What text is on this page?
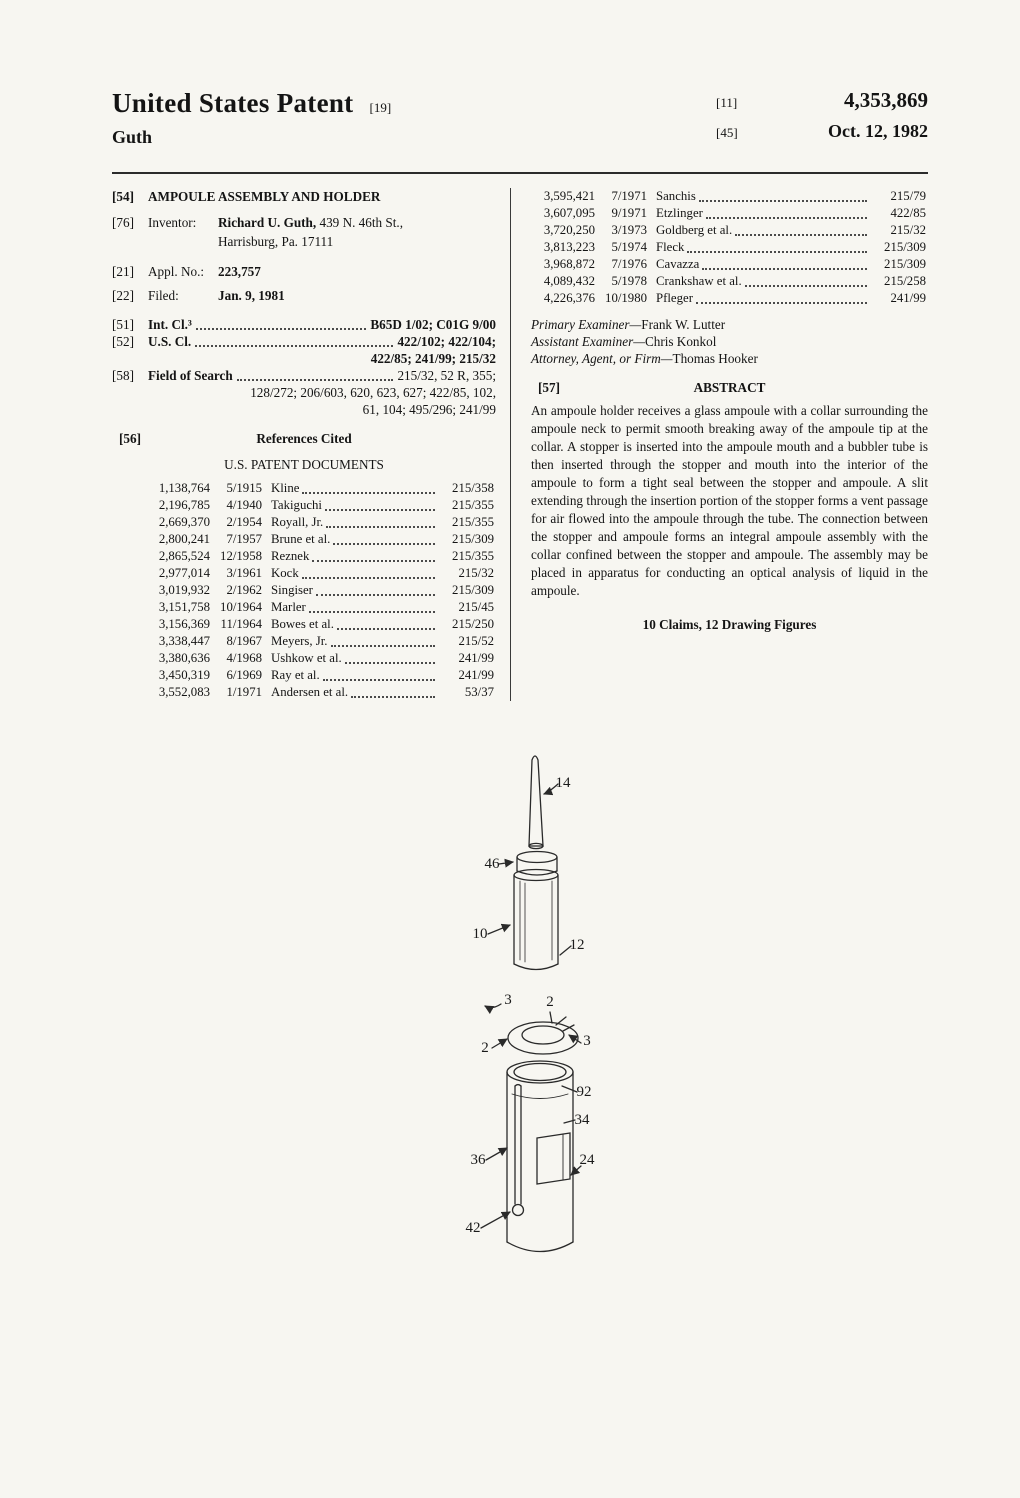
United States Patent [19]
Guth
[11]	4,353,869
[45]	Oct. 12, 1982
[54]	AMPOULE ASSEMBLY AND HOLDER
[76]	Inventor:	Richard U. Guth, 439 N. 46th St.,
Harrisburg, Pa. 17111
[21]	Appl. No.:	223,757
[22]	Filed:	Jan. 9, 1981
[51]	Int. Cl.³	B65D 1/02; C01G 9/00
[52]	U.S. Cl.	422/102; 422/104;
422/85; 241/99; 215/32
[58]	Field of Search	215/32, 52 R, 355;
128/272; 206/603, 620, 623, 627; 422/85, 102,
61, 104; 495/296; 241/99
[56]	References Cited
U.S. PATENT DOCUMENTS
1,138,764	5/1915 Kline	215/358
2,196,785	4/1940 Takiguchi	215/355
2,669,370	2/1954 Royall, Jr.	215/355
2,800,241	7/1957 Brune et al.	215/309
2,865,524 12/1958 Reznek	215/355
2,977,014	3/1961 Kock	215/32
3,019,932	2/1962 Singiser	215/309
3,151,758 10/1964 Marler	215/45
3,156,369 11/1964 Bowes et al.	215/250
3,338,447	8/1967 Meyers, Jr.	215/52
3,380,636	4/1968 Ushkow et al.	241/99
3,450,319	6/1969 Ray et al.	241/99
3,552,083	1/1971 Andersen et al.	53/37
3,595,421	7/1971 Sanchis	215/79
3,607,095	9/1971 Etzlinger	422/85
3,720,250	3/1973 Goldberg et al.	215/32
3,813,223	5/1974 Fleck	215/309
3,968,872	7/1976 Cavazza	215/309
4,089,432	5/1978 Crankshaw et al.	215/258
4,226,376 10/1980 Pfleger	241/99
Primary Examiner—Frank W. Lutter
Assistant Examiner—Chris Konkol
Attorney, Agent, or Firm—Thomas Hooker
[57]	ABSTRACT
An ampoule holder receives a glass ampoule with a collar surrounding the ampoule neck to permit smooth breaking away of the ampoule tip at the collar. A stopper is inserted into the ampoule mouth and a bubbler tube is then inserted through the stopper and mouth into the interior of the ampoule to form a tight seal between the stopper and ampoule. A slit extending through the insertion portion of the stopper forms a vent passage for air flowed into the ampoule through the tube. The connection between the stopper and ampoule forms an integral ampoule assembly with the collar confined between the stopper and ampoule. The assembly may be placed in apparatus for conducting an optical analysis of liquid in the ampoule.
10 Claims, 12 Drawing Figures
14
46
10
12
3 2
2	3
92
34
36	24
42
